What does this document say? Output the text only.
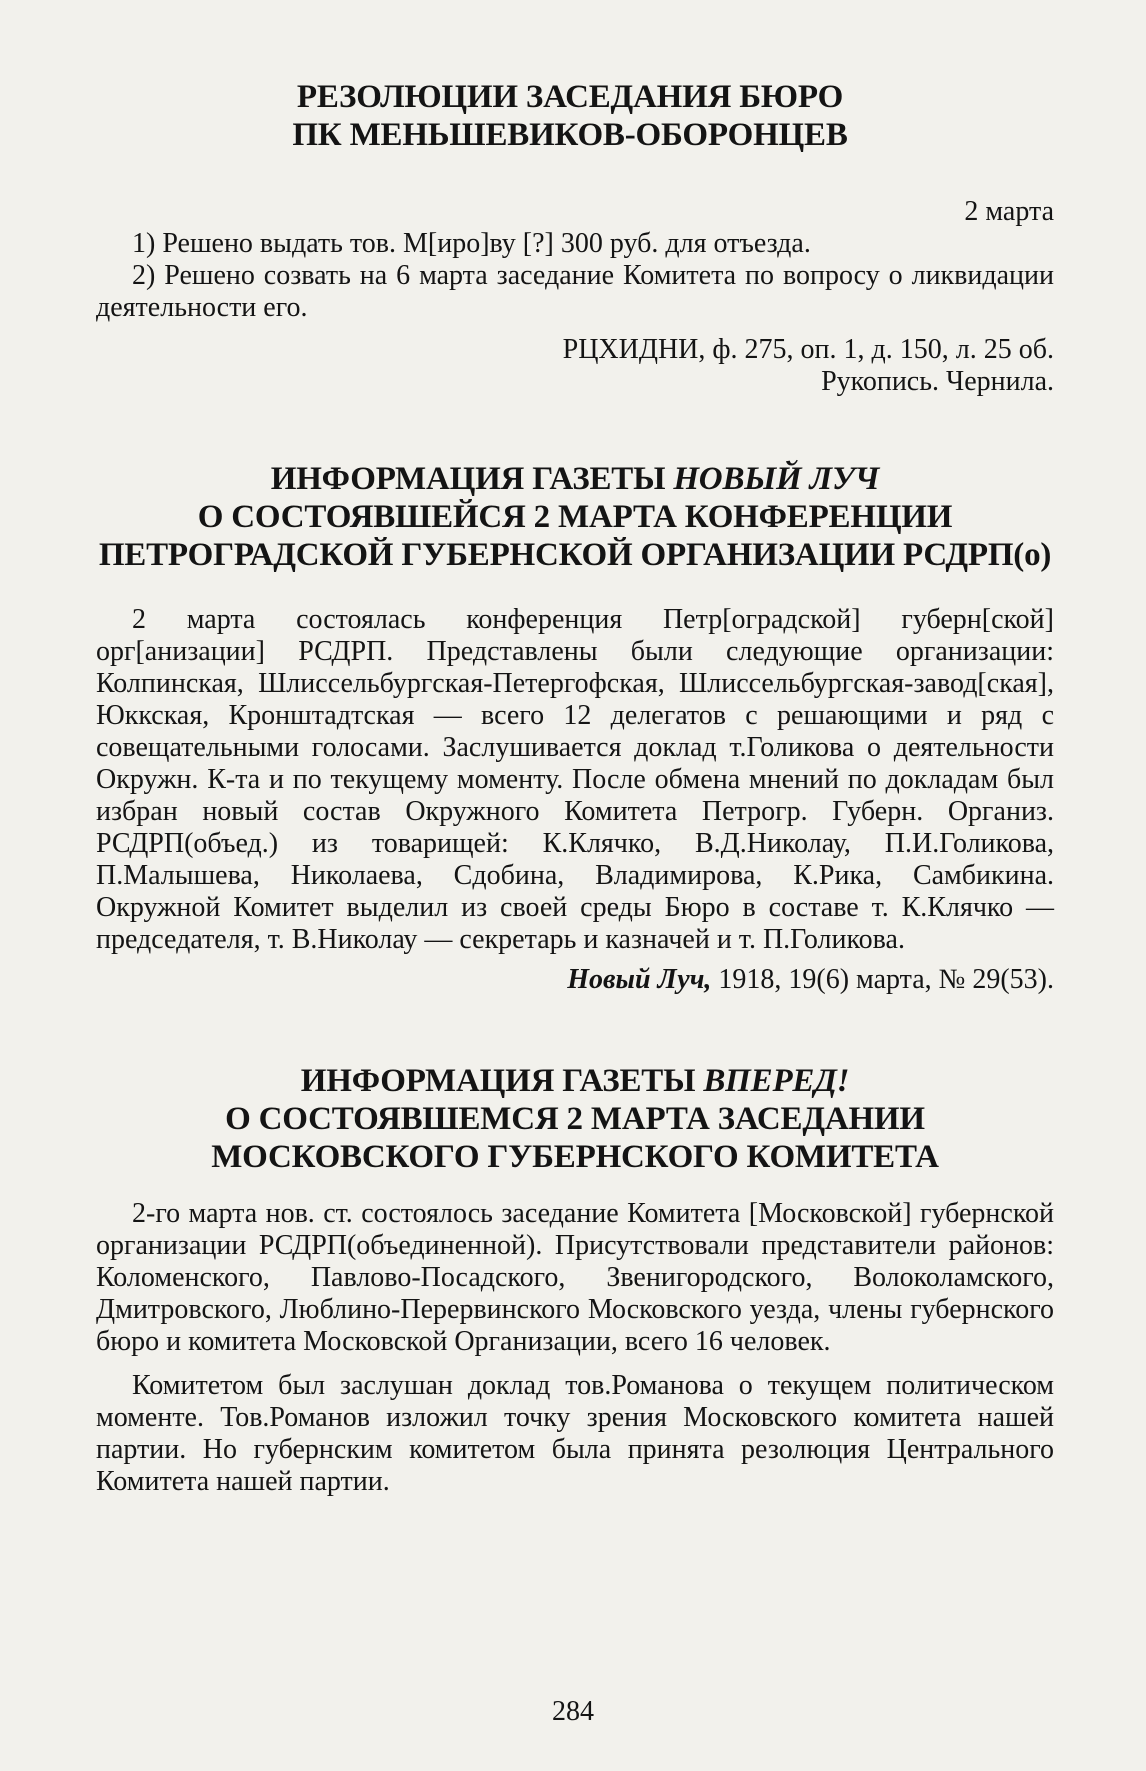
РЕЗОЛЮЦИИ ЗАСЕДАНИЯ БЮРО
ПК МЕНЬШЕВИКОВ-ОБОРОНЦЕВ

2 марта

1) Решено выдать тов. М[иро]ву [?] 300 руб. для отъезда.

2) Решено созвать на 6 марта заседание Комитета по вопросу о ликвидации деятельности его.

РЦХИДНИ, ф. 275, оп. 1, д. 150, л. 25 об.

Рукопись. Чернила.

ИНФОРМАЦИЯ ГАЗЕТЫ НОВЫЙ ЛУЧ
О СОСТОЯВШЕЙСЯ 2 МАРТА КОНФЕРЕНЦИИ
ПЕТРОГРАДСКОЙ ГУБЕРНСКОЙ ОРГАНИЗАЦИИ РСДРП(о)

2 марта состоялась конференция Петр[оградской] губерн[ской] орг[анизации] РСДРП. Представлены были следующие организации: Колпинская, Шлиссельбургская-Петергофская, Шлиссельбургская-завод[ская], Юккская, Кронштадтская — всего 12 делегатов с решающими и ряд с совещательными голосами. Заслушивается доклад т.Голикова о деятельности Окружн. К-та и по текущему моменту. После обмена мнений по докладам был избран новый состав Окружного Комитета Петрогр. Губерн. Организ. РСДРП(объед.) из товарищей: К.Клячко, В.Д.Николау, П.И.Голикова, П.Малышева, Николаева, Сдобина, Владимирова, К.Рика, Самбикина. Окружной Комитет выделил из своей среды Бюро в составе т. К.Клячко — председателя, т. В.Николау — секретарь и казначей и т. П.Голикова.

Новый Луч, 1918, 19(6) марта, № 29(53).

ИНФОРМАЦИЯ ГАЗЕТЫ ВПЕРЕД!
О СОСТОЯВШЕМСЯ 2 МАРТА ЗАСЕДАНИИ
МОСКОВСКОГО ГУБЕРНСКОГО КОМИТЕТА

2-го марта нов. ст. состоялось заседание Комитета [Московской] губернской организации РСДРП(объединенной). Присутствовали представители районов: Коломенского, Павлово-Посадского, Звенигородского, Волоколамского, Дмитровского, Люблино-Перервинского Московского уезда, члены губернского бюро и комитета Московской Организации, всего 16 человек.

Комитетом был заслушан доклад тов.Романова о текущем политическом моменте. Тов.Романов изложил точку зрения Московского комитета нашей партии. Но губернским комитетом была принята резолюция Центрального Комитета нашей партии.

284
